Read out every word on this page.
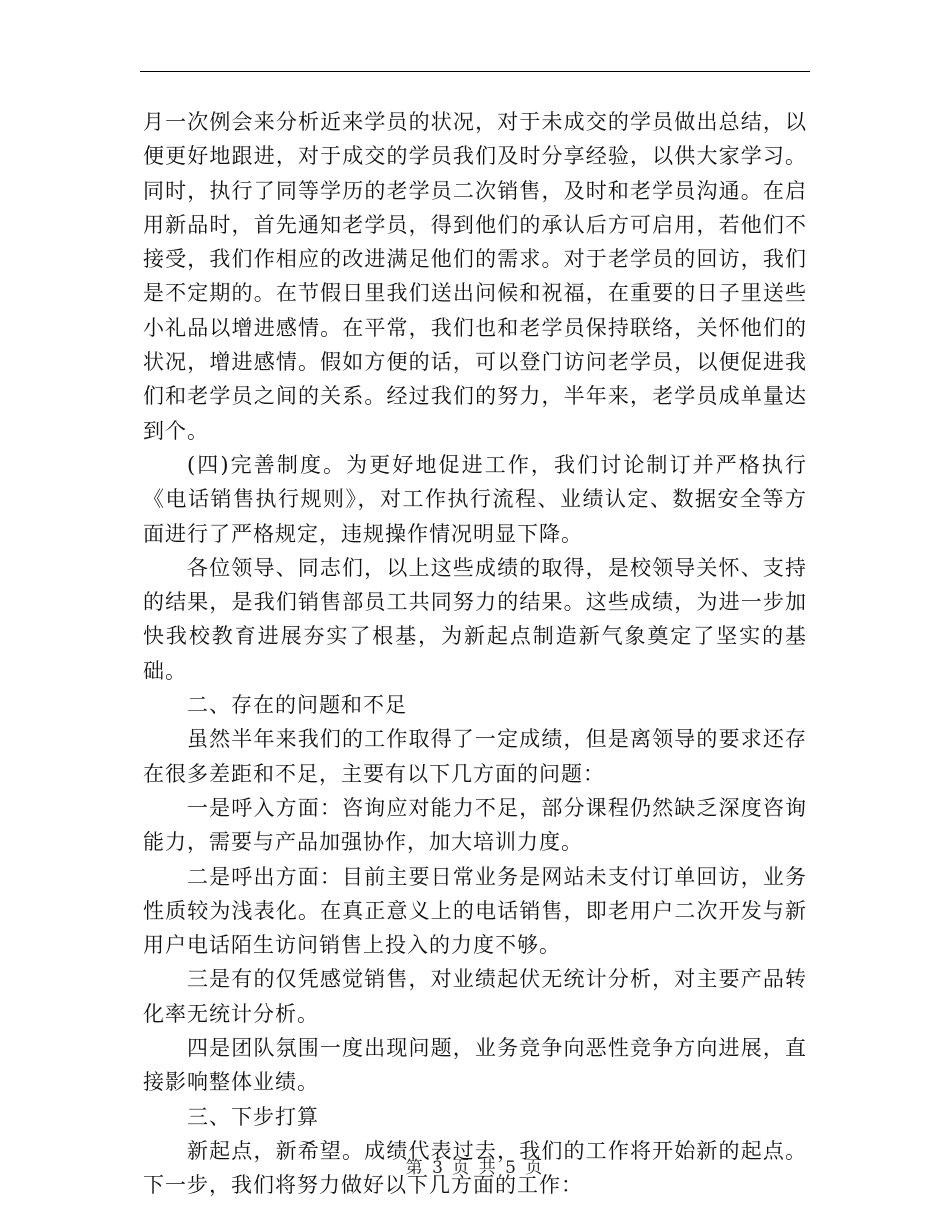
月一次例会来分析近来学员的状况，对于未成交的学员做出总结，以便更好地跟进，对于成交的学员我们及时分享经验，以供大家学习。同时，执行了同等学历的老学员二次销售，及时和老学员沟通。在启用新品时，首先通知老学员，得到他们的承认后方可启用，若他们不接受，我们作相应的改进满足他们的需求。对于老学员的回访，我们是不定期的。在节假日里我们送出问候和祝福，在重要的日子里送些小礼品以增进感情。在平常，我们也和老学员保持联络，关怀他们的状况，增进感情。假如方便的话，可以登门访问老学员，以便促进我们和老学员之间的关系。经过我们的努力，半年来，老学员成单量达到个。

(四)完善制度。为更好地促进工作，我们讨论制订并严格执行《电话销售执行规则》，对工作执行流程、业绩认定、数据安全等方面进行了严格规定，违规操作情况明显下降。

各位领导、同志们，以上这些成绩的取得，是校领导关怀、支持的结果，是我们销售部员工共同努力的结果。这些成绩，为进一步加快我校教育进展夯实了根基，为新起点制造新气象奠定了坚实的基础。

二、存在的问题和不足

虽然半年来我们的工作取得了一定成绩，但是离领导的要求还存在很多差距和不足，主要有以下几方面的问题：

一是呼入方面：咨询应对能力不足，部分课程仍然缺乏深度咨询能力，需要与产品加强协作，加大培训力度。

二是呼出方面：目前主要日常业务是网站未支付订单回访，业务性质较为浅表化。在真正意义上的电话销售，即老用户二次开发与新用户电话陌生访问销售上投入的力度不够。

三是有的仅凭感觉销售，对业绩起伏无统计分析，对主要产品转化率无统计分析。

四是团队氛围一度出现问题，业务竞争向恶性竞争方向进展，直接影响整体业绩。

三、下步打算

新起点，新希望。成绩代表过去，我们的工作将开始新的起点。下一步，我们将努力做好以下几方面的工作：

第 3 页 共 5 页
